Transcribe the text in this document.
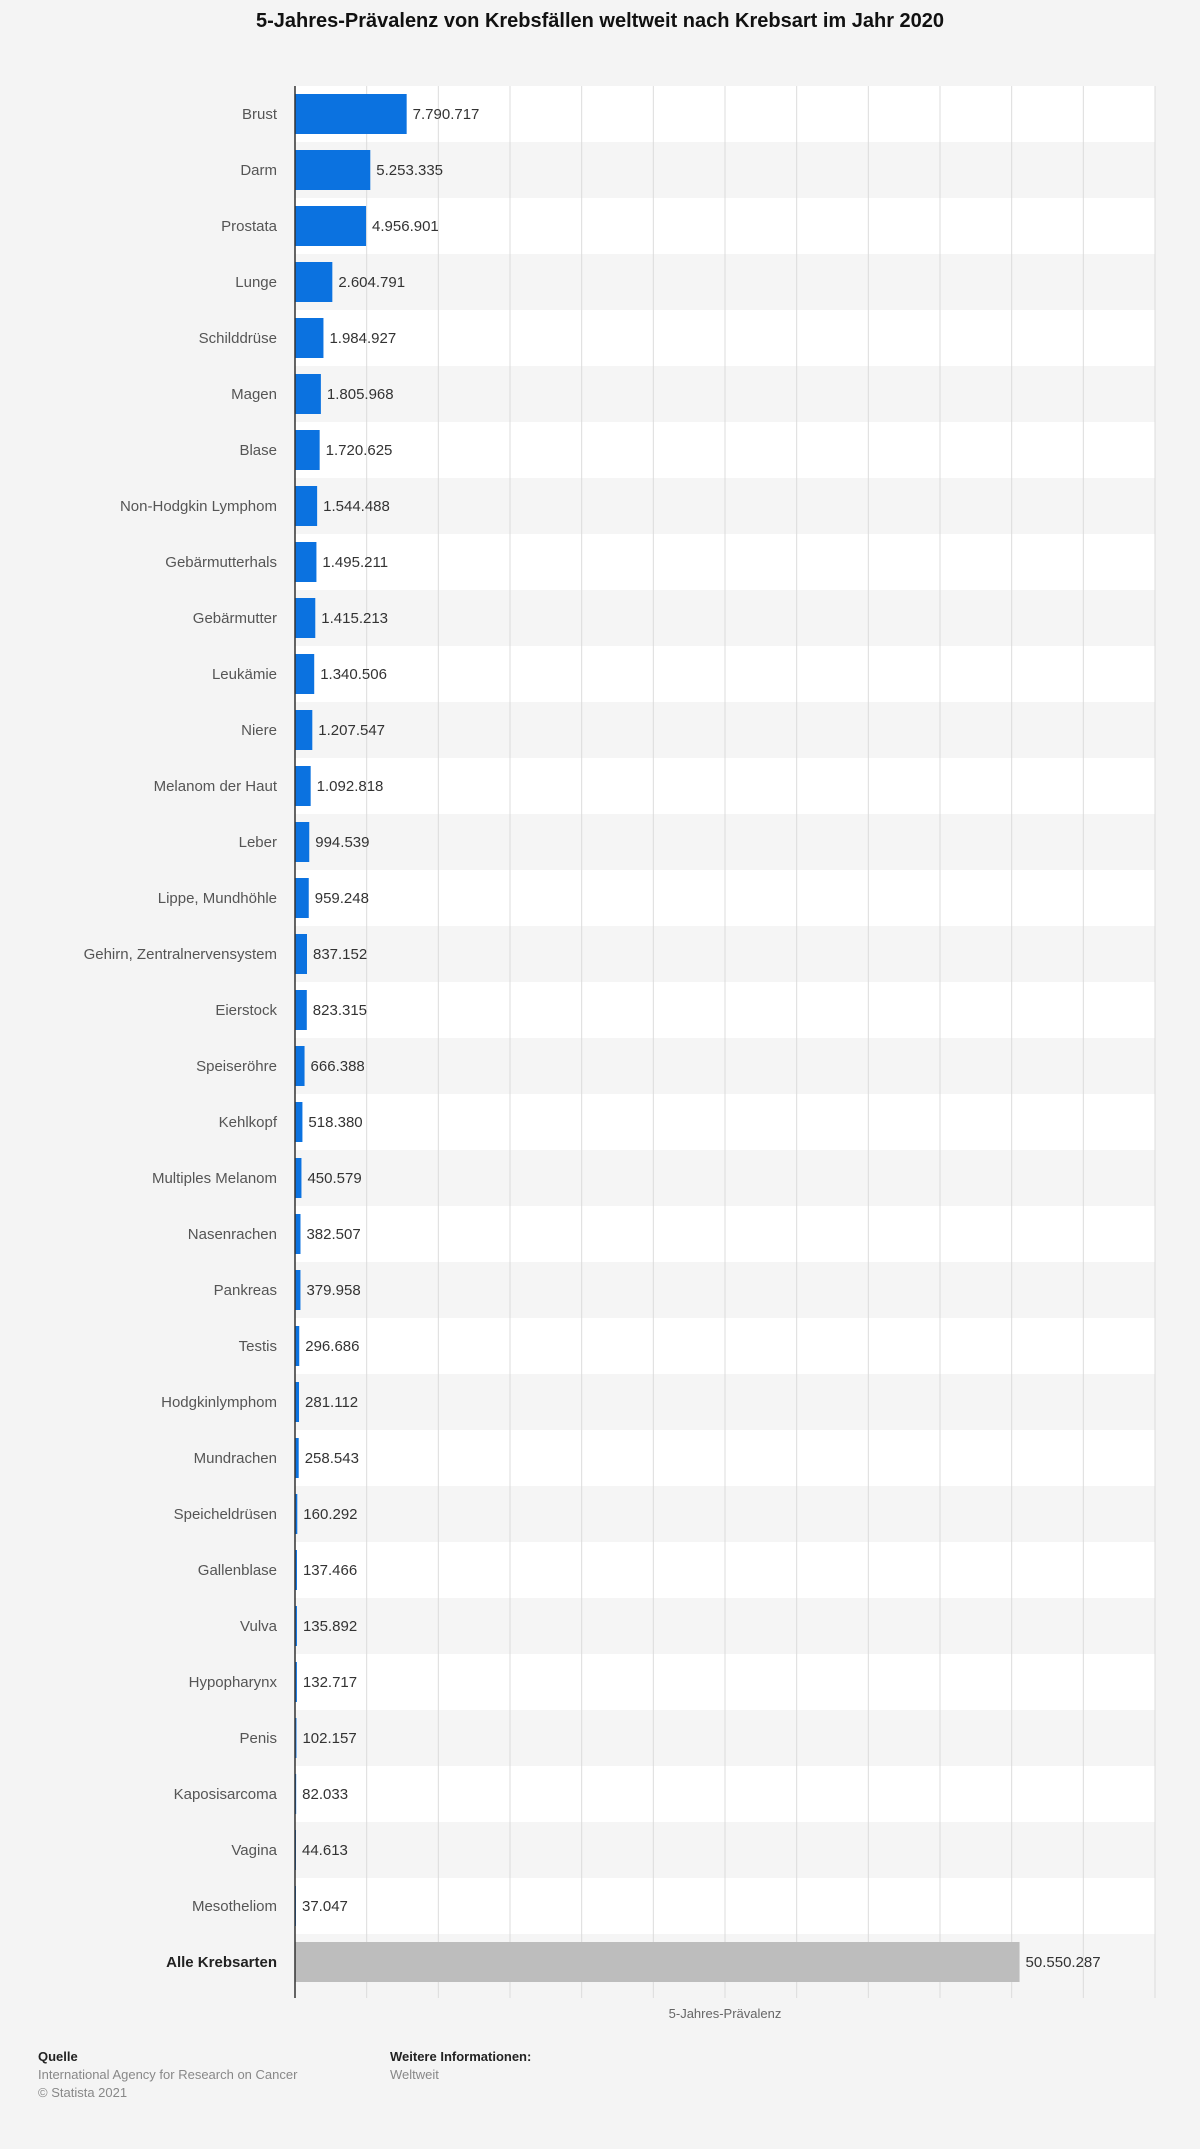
5-Jahres-Prävalenz von Krebsfällen weltweit nach Krebsart im Jahr 2020
Brust
Darm
Prostata
Lunge
Schilddrüse
Magen
Blase
Non-Hodgkin Lymphom
Gebärmutterhals
Gebärmutter
Leukämie
Niere
Melanom der Haut
Leber
Lippe, Mundhöhle
Gehirn, Zentralnervensystem
Eierstock
Speiseröhre
Kehlkopf
Multiples Melanom
Nasenrachen
Pankreas
Testis
Hodgkinlymphom
Mundrachen
Speicheldrüsen
Gallenblase
Vulva
Hypopharynx
Penis
Kaposisarcoma
Vagina
Mesotheliom
Alle Krebsarten
7.790.717
5.253.335
4.956.901
2.604.791
1.984.927
1.805.968
1.720.625
1.544.488
1.495.211
1.415.213
1.340.506
1.207.547
1.092.818
994.539
959.248
837.152
823.315
666.388
518.380
450.579
382.507
379.958
296.686
281.112
258.543
160.292
137.466
135.892
132.717
102.157
82.033
44.613
37.047
50.550.287
5-Jahres-Prävalenz
Quelle
International Agency for Research on Cancer
© Statista 2021
Weitere Informationen:
Weltweit
